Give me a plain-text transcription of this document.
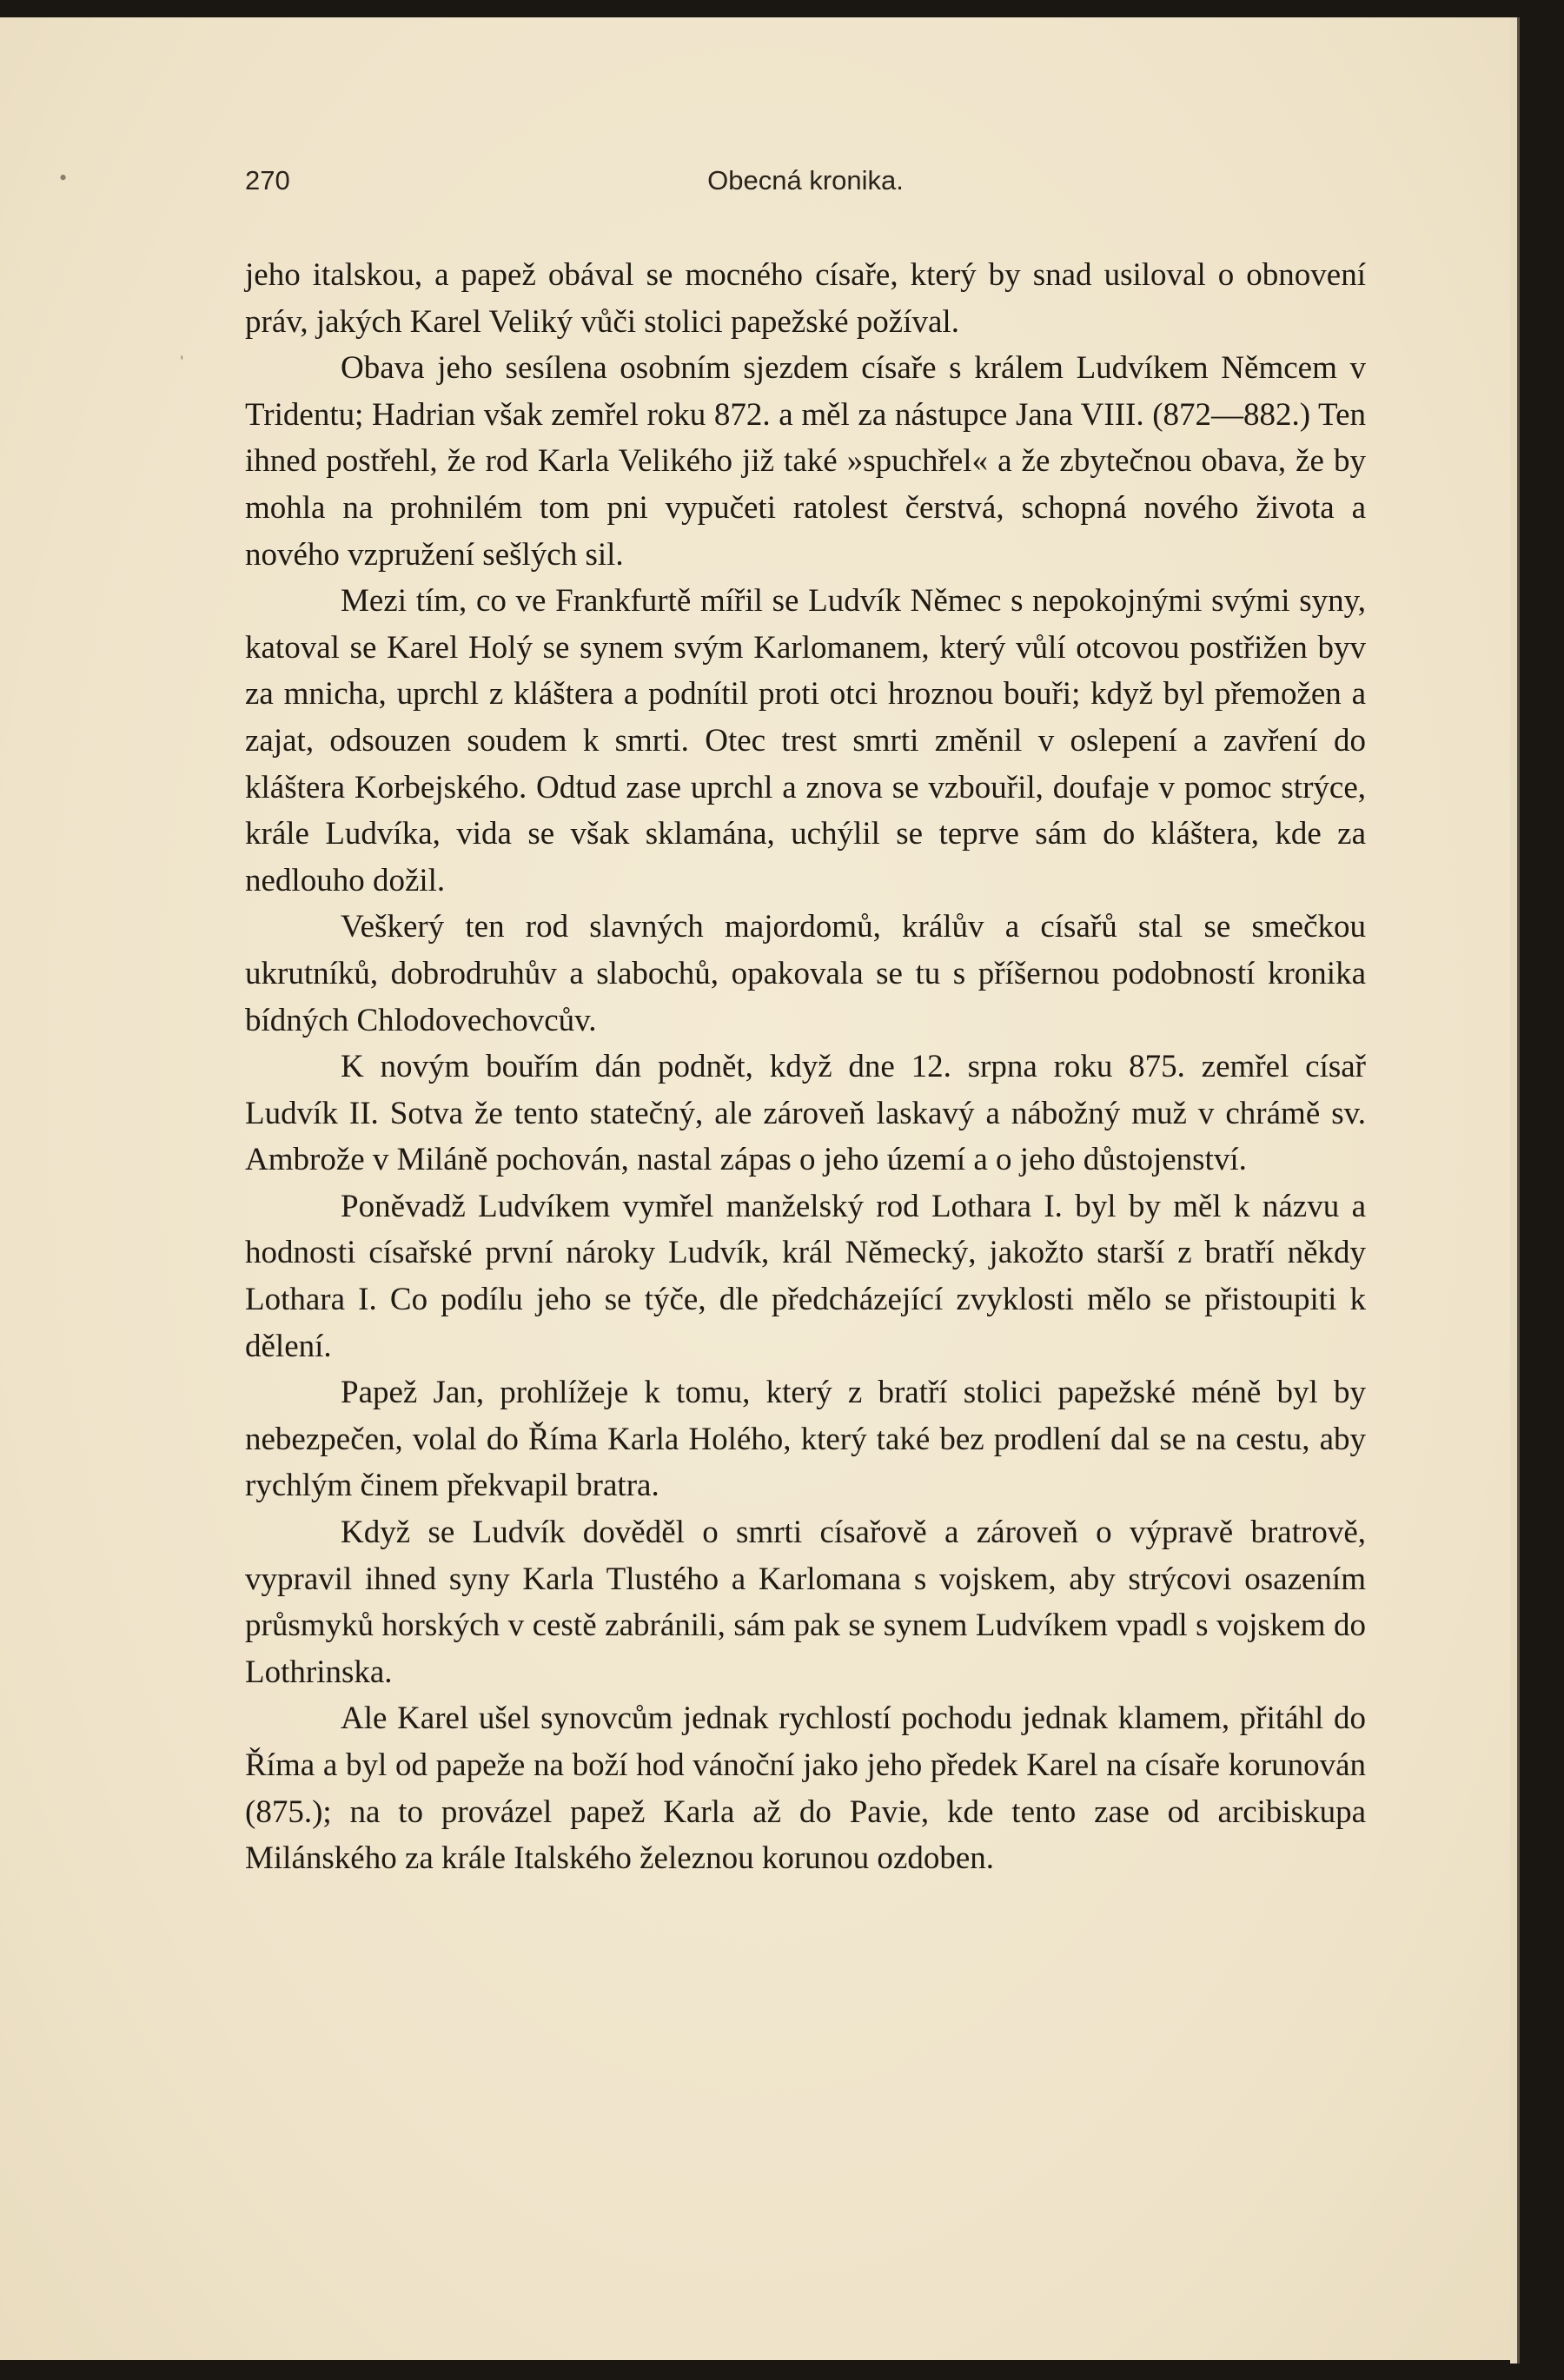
•
ˈ
270	Obecná kronika.

jeho italskou, a papež obával se mocného císaře, který by snad usiloval o obnovení práv, jakých Karel Veliký vůči stolici papežské požíval.

Obava jeho sesílena osobním sjezdem císaře s králem Ludvíkem Němcem v Tridentu; Hadrian však zemřel roku 872. a měl za nástupce Jana VIII. (872—882.) Ten ihned postřehl, že rod Karla Velikého již také »spuchřel« a že zbytečnou obava, že by mohla na prohnilém tom pni vypučeti ratolest čerstvá, schopná nového života a nového vzpružení sešlých sil.

Mezi tím, co ve Frankfurtě mířil se Ludvík Němec s nepokojnými svými syny, katoval se Karel Holý se synem svým Karlomanem, který vůlí otcovou postřižen byv za mnicha, uprchl z kláštera a podnítil proti otci hroznou bouři; když byl přemožen a zajat, odsouzen soudem k smrti. Otec trest smrti změnil v oslepení a zavření do kláštera Korbejského. Odtud zase uprchl a znova se vzbouřil, doufaje v pomoc strýce, krále Ludvíka, vida se však sklamána, uchýlil se teprve sám do kláštera, kde za nedlouho dožil.

Veškerý ten rod slavných majordomů, králův a císařů stal se smečkou ukrutníků, dobrodruhův a slabochů, opakovala se tu s příšernou podobností kronika bídných Chlodovechovcův.

K novým bouřím dán podnět, když dne 12. srpna roku 875. zemřel císař Ludvík II. Sotva že tento statečný, ale zároveň laskavý a nábožný muž v chrámě sv. Ambrože v Miláně pochován, nastal zápas o jeho území a o jeho důstojenství.

Poněvadž Ludvíkem vymřel manželský rod Lothara I. byl by měl k názvu a hodnosti císařské první nároky Ludvík, král Německý, jakožto starší z bratří někdy Lothara I. Co podílu jeho se týče, dle předcházející zvyklosti mělo se přistoupiti k dělení.

Papež Jan, prohlížeje k tomu, který z bratří stolici papežské méně byl by nebezpečen, volal do Říma Karla Holého, který také bez prodlení dal se na cestu, aby rychlým činem překvapil bratra.

Když se Ludvík dověděl o smrti císařově a zároveň o výpravě bratrově, vypravil ihned syny Karla Tlustého a Karlomana s vojskem, aby strýcovi osazením průsmyků horských v cestě zabránili, sám pak se synem Ludvíkem vpadl s vojskem do Lothrinska.

Ale Karel ušel synovcům jednak rychlostí pochodu jednak klamem, přitáhl do Říma a byl od papeže na boží hod vánoční jako jeho předek Karel na císaře korunován (875.); na to provázel papež Karla až do Pavie, kde tento zase od arcibiskupa Milánského za krále Italského železnou korunou ozdoben.
